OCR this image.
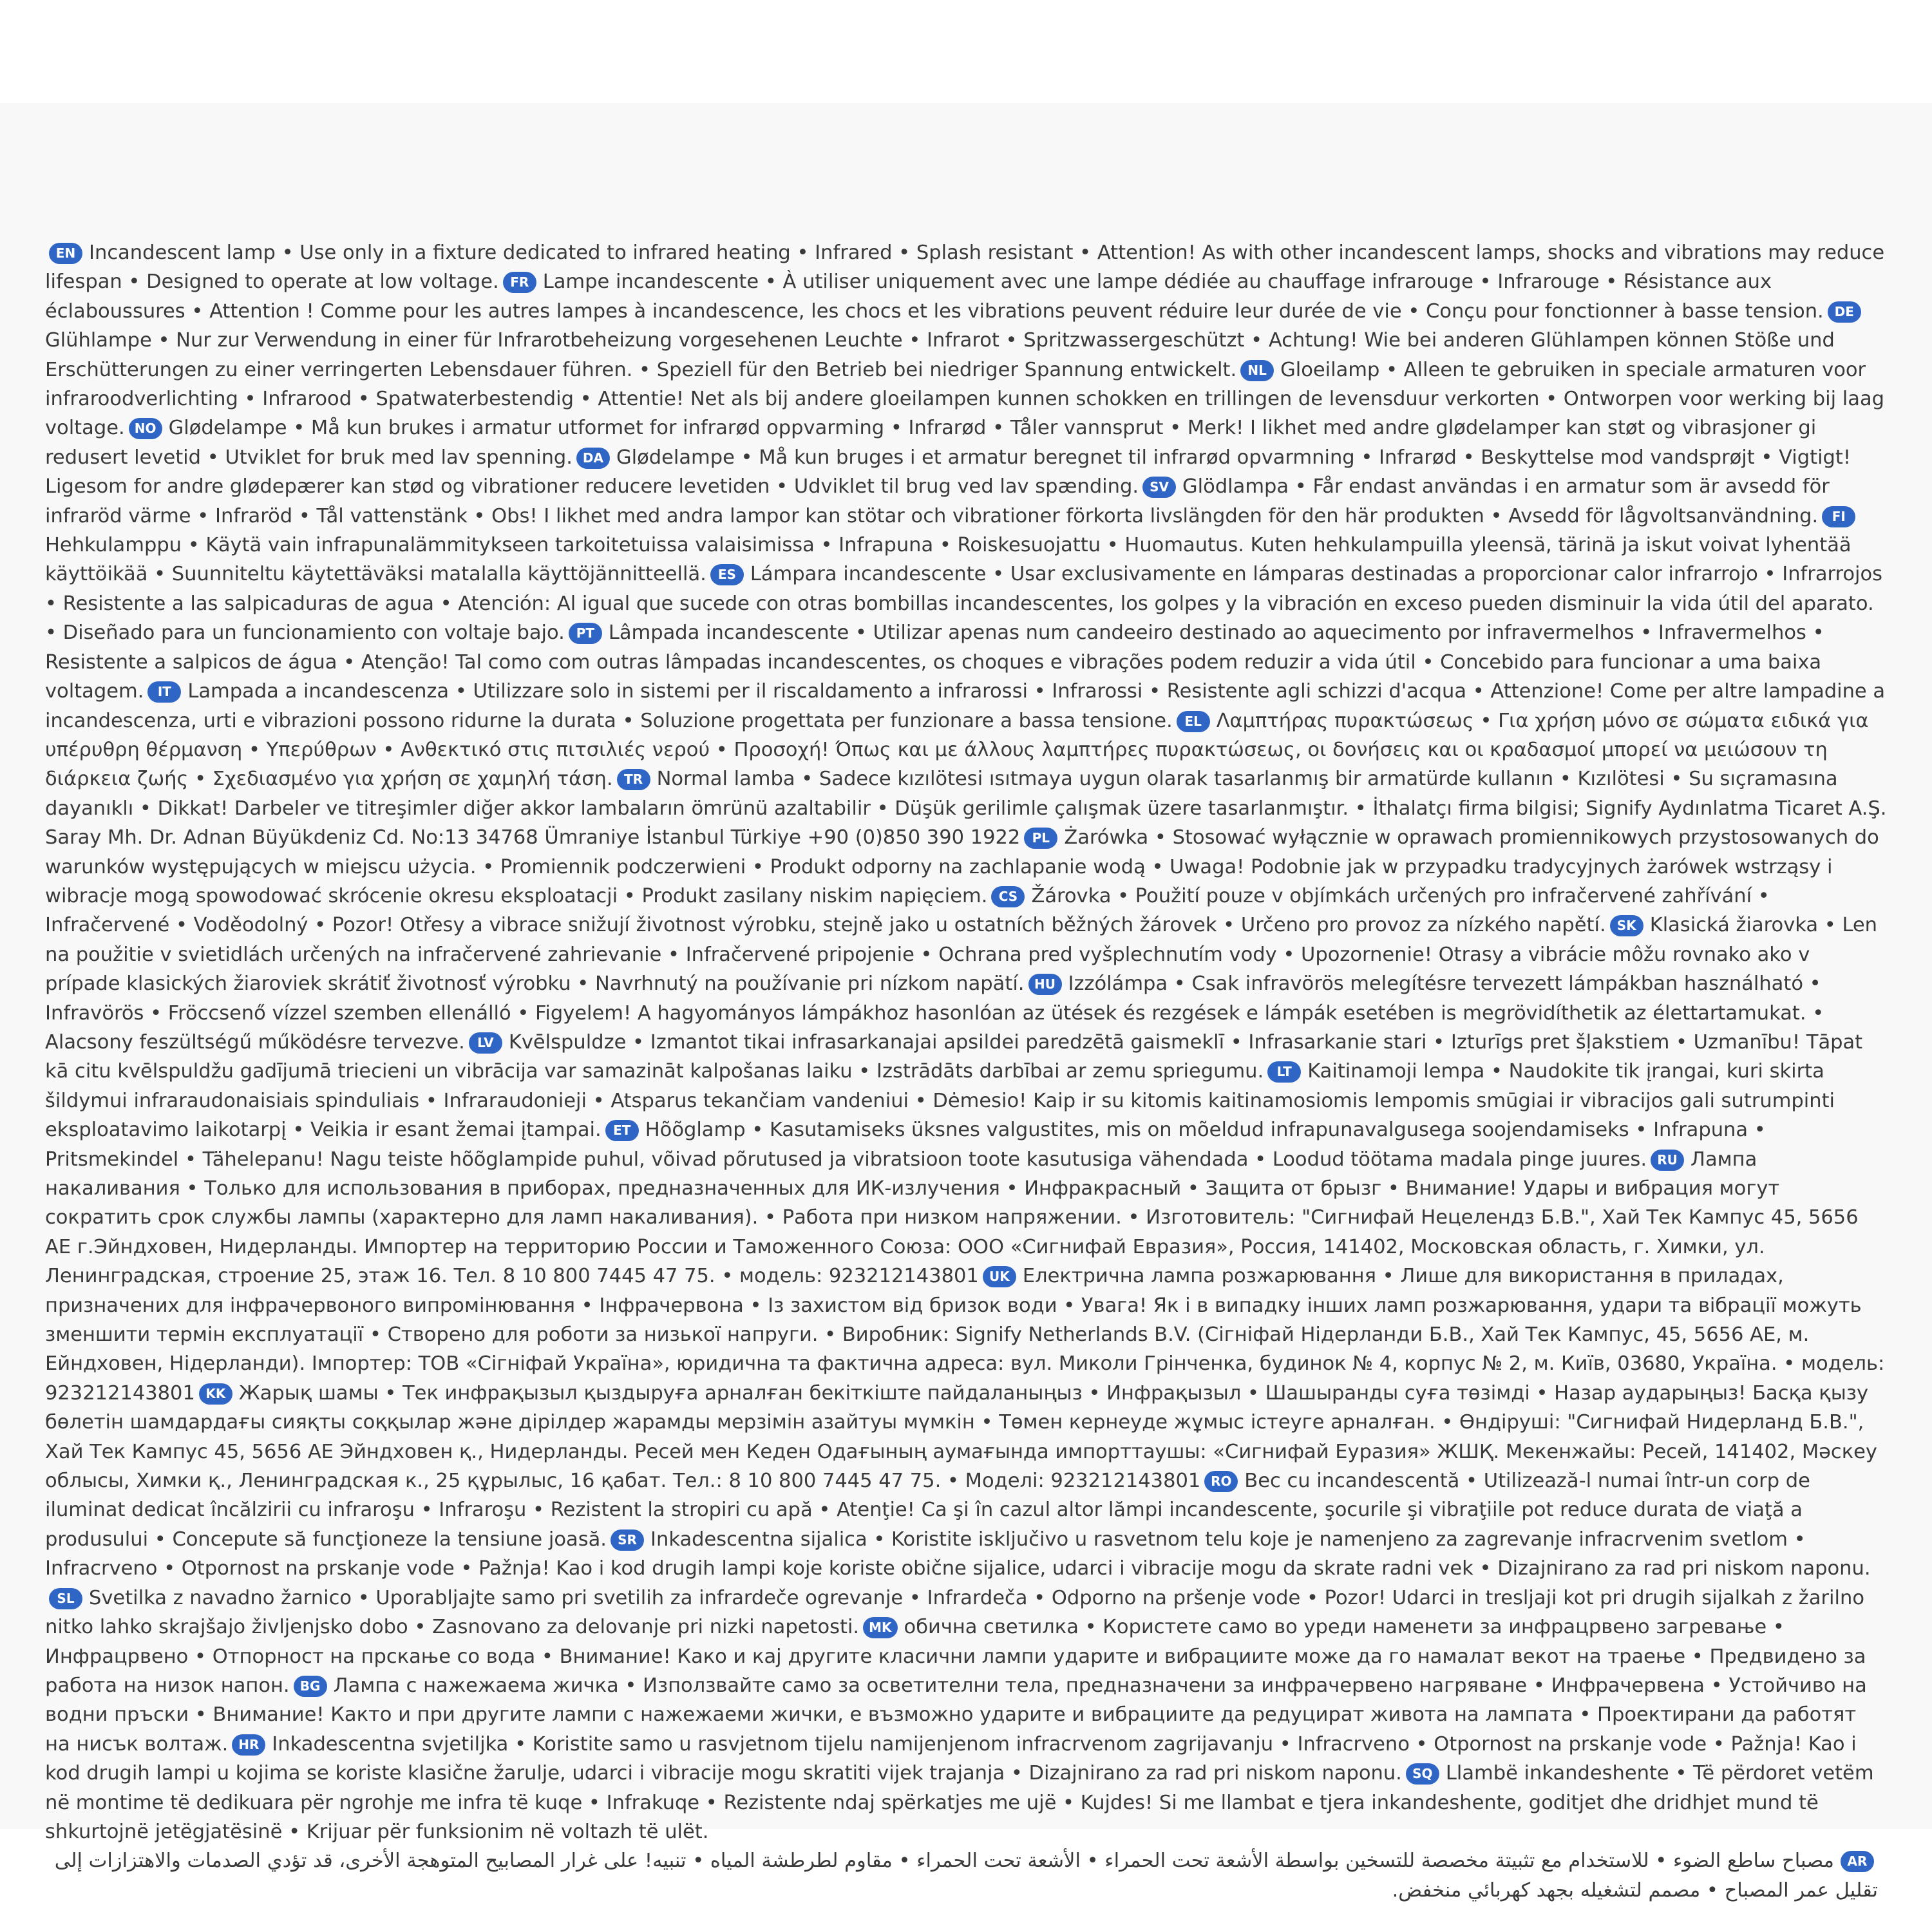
EN Incandescent lamp • Use only in a fixture dedicated to infrared heating • Infrared • Splash resistant • Attention! As with other incandescent lamps, shocks and vibrations may reduce lifespan • Designed to operate at low voltage. FR Lampe incandescente • À utiliser uniquement avec une lampe dédiée au chauffage infrarouge • Infrarouge • Résistance aux éclaboussures • Attention ! Comme pour les autres lampes à incandescence, les chocs et les vibrations peuvent réduire leur durée de vie • Conçu pour fonctionner à basse tension. DEGlühlampe • Nur zur Verwendung in einer für Infrarotbeheizung vorgesehenen Leuchte • Infrarot • Spritzwassergeschützt • Achtung! Wie bei anderen Glühlampen können Stöße und Erschütterungen zu einer verringerten Lebensdauer führen. • Speziell für den Betrieb bei niedriger Spannung entwickelt. NL Gloeilamp • Alleen te gebruiken in speciale armaturen voor infraroodverlichting • Infrarood • Spatwaterbestendig • Attentie! Net als bij andere gloeilampen kunnen schokken en trillingen de levensduur verkorten • Ontworpen voor werking bij laag voltage. NO Glødelampe • Må kun brukes i armatur utformet for infrarød oppvarming • Infrarød • Tåler vannsprut • Merk! I likhet med andre glødelamper kan støt og vibrasjoner gi redusert levetid • Utviklet for bruk med lav spenning. DA Glødelampe • Må kun bruges i et armatur beregnet til infrarød opvarmning • Infrarød • Beskyttelse mod vandsprøjt • Vigtigt! Ligesom for andre glødepærer kan stød og vibrationer reducere levetiden • Udviklet til brug ved lav spænding. SV Glödlampa • Får endast användas i en armatur som är avsedd för infraröd värme • Infraröd • Tål vattenstänk • Obs! I likhet med andra lampor kan stötar och vibrationer förkorta livslängden för den här produkten • Avsedd för lågvoltsanvändning. FIHehkulamppu • Käytä vain infrapunalämmitykseen tarkoitetuissa valaisimissa • Infrapuna • Roiskesuojattu • Huomautus. Kuten hehkulampuilla yleensä, tärinä ja iskut voivat lyhentää käyttöikää • Suunniteltu käytettäväksi matalalla käyttöjännitteellä. ES Lámpara incandescente • Usar exclusivamente en lámparas destinadas a proporcionar calor infrarrojo • Infrarrojos • Resistente a las salpicaduras de agua • Atención: Al igual que sucede con otras bombillas incandescentes, los golpes y la vibración en exceso pueden disminuir la vida útil del aparato. • Diseñado para un funcionamiento con voltaje bajo. PT Lâmpada incandescente • Utilizar apenas num candeeiro destinado ao aquecimento por infravermelhos • Infravermelhos • Resistente a salpicos de água • Atenção! Tal como com outras lâmpadas incandescentes, os choques e vibrações podem reduzir a vida útil • Concebido para funcionar a uma baixa voltagem. IT Lampada a incandescenza • Utilizzare solo in sistemi per il riscaldamento a infrarossi • Infrarossi • Resistente agli schizzi d'acqua • Attenzione! Come per altre lampadine a incandescenza, urti e vibrazioni possono ridurne la durata • Soluzione progettata per funzionare a bassa tensione. EL Λαμπτήρας πυρακτώσεως • Για χρήση μόνο σε σώματα ειδικά για υπέρυθρη θέρμανση • Υπερύθρων • Ανθεκτικό στις πιτσιλιές νερού • Προσοχή! Όπως και με άλλους λαμπτήρες πυρακτώσεως, οι δονήσεις και οι κραδασμοί μπορεί να μειώσουν τη διάρκεια ζωής • Σχεδιασμένο για χρήση σε χαμηλή τάση. TR Normal lamba • Sadece kızılötesi ısıtmaya uygun olarak tasarlanmış bir armatürde kullanın • Kızılötesi • Su sıçramasına dayanıklı • Dikkat! Darbeler ve titreşimler diğer akkor lambaların ömrünü azaltabilir • Düşük gerilimle çalışmak üzere tasarlanmıştır. • İthalatçı firma bilgisi; Signify Aydınlatma Ticaret A.Ş. Saray Mh. Dr. Adnan Büyükdeniz Cd. No:13 34768 Ümraniye İstanbul Türkiye +90 (0)850 390 1922 PL Żarówka • Stosować wyłącznie w oprawach promiennikowych przystosowanych do warunków występujących w miejscu użycia. • Promiennik podczerwieni • Produkt odporny na zachlapanie wodą • Uwaga! Podobnie jak w przypadku tradycyjnych żarówek wstrząsy i wibracje mogą spowodować skrócenie okresu eksploatacji • Produkt zasilany niskim napięciem. CS Žárovka • Použití pouze v objímkách určených pro infračervené zahřívání • Infračervené • Voděodolný • Pozor! Otřesy a vibrace snižují životnost výrobku, stejně jako u ostatních běžných žárovek • Určeno pro provoz za nízkého napětí. SK Klasická žiarovka • Len na použitie v svietidlách určených na infračervené zahrievanie • Infračervené pripojenie • Ochrana pred vyšplechnutím vody • Upozornenie! Otrasy a vibrácie môžu rovnako ako v prípade klasických žiaroviek skrátiť životnosť výrobku • Navrhnutý na používanie pri nízkom napätí. HU Izzólámpa • Csak infravörös melegítésre tervezett lámpákban használható • Infravörös • Fröccsenő vízzel szemben ellenálló • Figyelem! A hagyományos lámpákhoz hasonlóan az ütések és rezgések e lámpák esetében is megrövidíthetik az élettartamukat. • Alacsony feszültségű működésre tervezve. LV Kvēlspuldze • Izmantot tikai infrasarkanajai apsildei paredzētā gaismeklī • Infrasarkanie stari • Izturīgs pret šļakstiem • Uzmanību! Tāpat kā citu kvēlspuldžu gadījumā triecieni un vibrācija var samazināt kalpošanas laiku • Izstrādāts darbībai ar zemu spriegumu. LT Kaitinamoji lempa • Naudokite tik įrangai, kuri skirta šildymui infraraudonaisiais spinduliais • Infraraudonieji • Atsparus tekančiam vandeniui • Dėmesio! Kaip ir su kitomis kaitinamosiomis lempomis smūgiai ir vibracijos gali sutrumpinti eksploatavimo laikotarpį • Veikia ir esant žemai įtampai. ET Hõõglamp • Kasutamiseks üksnes valgustites, mis on mõeldud infrapunavalgusega soojendamiseks • Infrapuna • Pritsmekindel • Tähelepanu! Nagu teiste hõõglampide puhul, võivad põrutused ja vibratsioon toote kasutusiga vähendada • Loodud töötama madala pinge juures. RU Лампа накаливания • Только для использования в приборах, предназначенных для ИК-излучения • Инфракрасный • Защита от брызг • Внимание! Удары и вибрация могут сократить срок службы лампы (характерно для ламп накаливания). • Работа при низком напряжении. • Изготовитель: "Сигнифай Нецелендз Б.В.", Хай Тек Кампус 45, 5656 АЕ г.Эйндховен, Нидерланды. Импортер на территорию России и Таможенного Союза: ООО «Сигнифай Евразия», Россия, 141402, Московская область, г. Химки, ул. Ленинградская, строение 25, этаж 16. Тел. 8 10 800 7445 47 75. • модель: 923212143801 UK Електрична лампа розжарювання • Лише для використання в приладах, призначених для інфрачервоного випромінювання • Інфрачервона • Із захистом від бризок води • Увага! Як і в випадку інших ламп розжарювання, удари та вібрації можуть зменшити термін експлуатації • Створено для роботи за низької напруги. • Виробник: Signify Netherlands B.V. (Сігніфай Нідерланди Б.В., Хай Тек Кампус, 45, 5656 АЕ, м. Ейндховен, Нідерланди). Імпортер: ТОВ «Сігніфай Україна», юридична та фактична адреса: вул. Миколи Грінченка, будинок № 4, корпус № 2, м. Київ, 03680, Україна. • модель: 923212143801 KK Жарық шамы • Тек инфрақызыл қыздыруға арналған бекіткіште пайдаланыңыз • Инфрақызыл • Шашыранды суға төзімді • Назар аударыңыз! Басқа қызу бөлетін шамдардағы сияқты соққылар және дірілдер жарамды мерзімін азайтуы мүмкін • Төмен кернеуде жұмыс істеуге арналған. • Өндіруші: "Сигнифай Нидерланд Б.В.", Хай Тек Кампус 45, 5656 АЕ Эйндховен қ., Нидерланды. Ресей мен Кеден Одағының аумағында импорттаушы: «Сигнифай Еуразия» ЖШҚ. Мекенжайы: Ресей, 141402, Мәскеу облысы, Химки қ., Ленинградская к., 25 құрылыс, 16 қабат. Тел.: 8 10 800 7445 47 75. • Моделі: 923212143801 RO Bec cu incandescentă • Utilizează-l numai într-un corp de iluminat dedicat încălzirii cu infraroşu • Infraroşu • Rezistent la stropiri cu apă • Atenţie! Ca şi în cazul altor lămpi incandescente, şocurile şi vibraţiile pot reduce durata de viaţă a produsului • Concepute să funcţioneze la tensiune joasă. SR Inkadescentna sijalica • Koristite isključivo u rasvetnom telu koje je namenjeno za zagrevanje infracrvenim svetlom • Infracrveno • Otpornost na prskanje vode • Pažnja! Kao i kod drugih lampi koje koriste obične sijalice, udarci i vibracije mogu da skrate radni vek • Dizajnirano za rad pri niskom naponu.SL Svetilka z navadno žarnico • Uporabljajte samo pri svetilih za infrardeče ogrevanje • Infrardeča • Odporno na pršenje vode • Pozor! Udarci in tresljaji kot pri drugih sijalkah z žarilno nitko lahko skrajšajo življenjsko dobo • Zasnovano za delovanje pri nizki napetosti. MK обична светилка • Користете само во уреди наменети за инфрацрвено загревање • Инфрацрвено • Отпорност на прскање со вода • Внимание! Како и кај другите класични лампи ударите и вибрациите може да го намалат векот на траење • Предвидено за работа на низок напон. BG Лампа с нажежаема жичка • Използвайте само за осветителни тела, предназначени за инфрачервено нагряване • Инфрачервена • Устойчиво на водни пръски • Внимание! Както и при другите лампи с нажежаеми жички, е възможно ударите и вибрациите да редуцират живота на лампата • Проектирани да работят на нисък волтаж. HR Inkadescentna svjetiljka • Koristite samo u rasvjetnom tijelu namijenjenom infracrvenom zagrijavanju • Infracrveno • Otpornost na prskanje vode • Pažnja! Kao i kod drugih lampi u kojima se koriste klasične žarulje, udarci i vibracije mogu skratiti vijek trajanja • Dizajnirano za rad pri niskom naponu. SQ Llambë inkandeshente • Të përdoret vetëm në montime të dedikuara për ngrohje me infra të kuqe • Infrakuqe • Rezistente ndaj spërkatjes me ujë • Kujdes! Si me llambat e tjera inkandeshente, goditjet dhe dridhjet mund të shkurtojnë jetëgjatësinë • Krijuar për funksionim në voltazh të ulët.

ARمصباح ساطع الضوء • للاستخدام مع تثبيتة مخصصة للتسخين بواسطة الأشعة تحت الحمراء • الأشعة تحت الحمراء • مقاوم لطرطشة المياه • تنبيه! على غرار المصابيح المتوهجة الأخرى، قد تؤدي الصدمات والاهتزازات إلى تقليل عمر المصباح • مصمم لتشغيله بجهد كهربائي منخفض.
